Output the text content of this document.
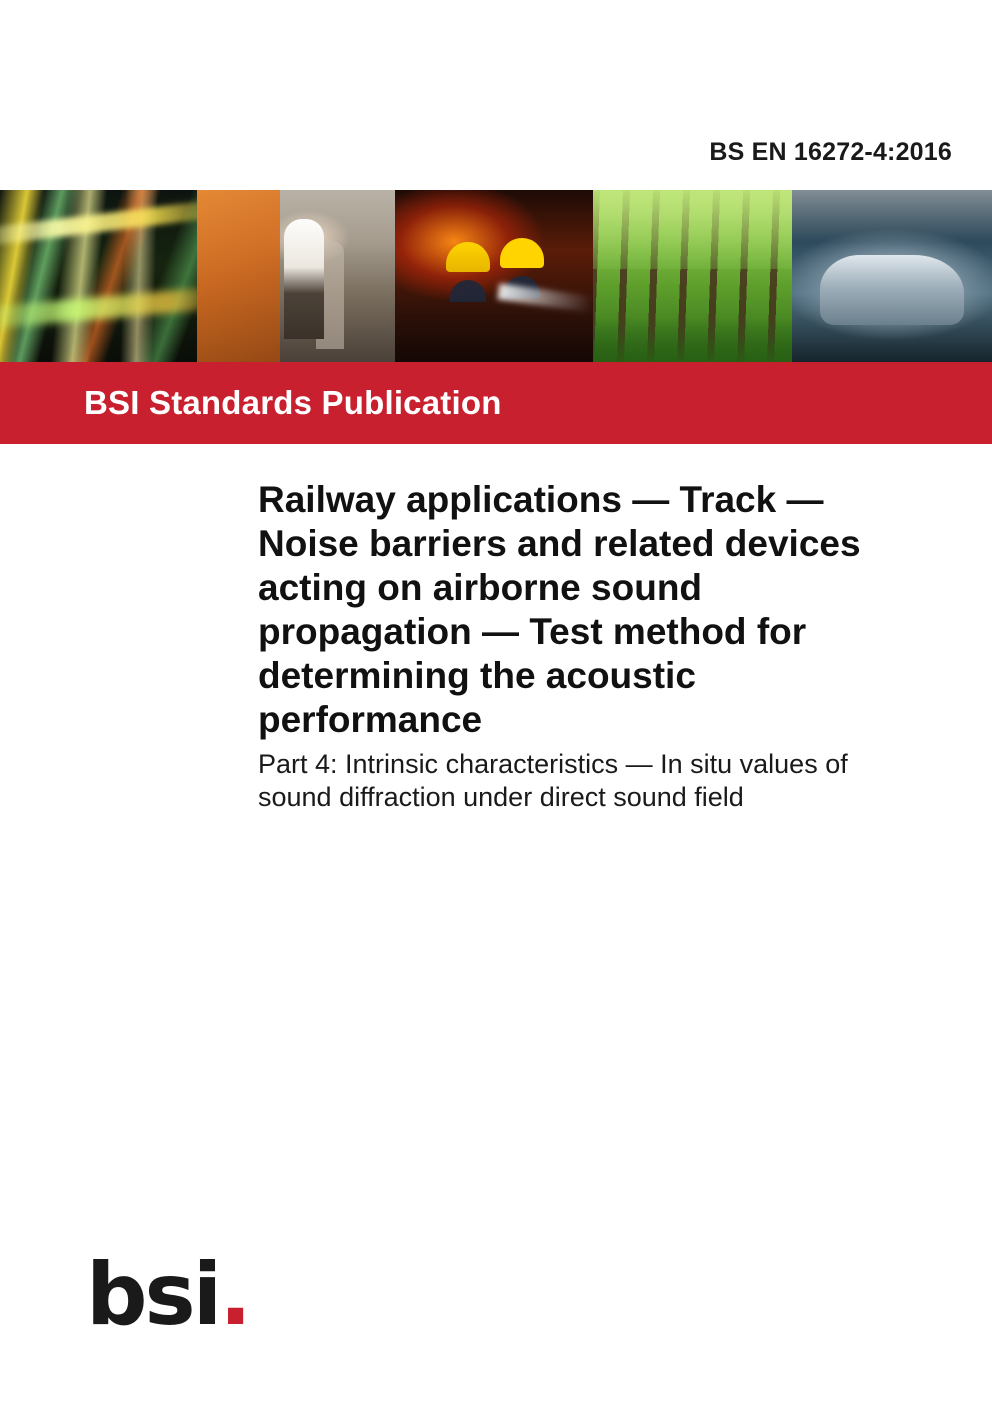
BS EN 16272-4:2016
BSI Standards Publication
Railway applications — Track — Noise barriers and related devices acting on airborne sound propagation — Test method for determining the acoustic performance
Part 4: Intrinsic characteristics — In situ values of sound diffraction under direct sound field
bsi.
